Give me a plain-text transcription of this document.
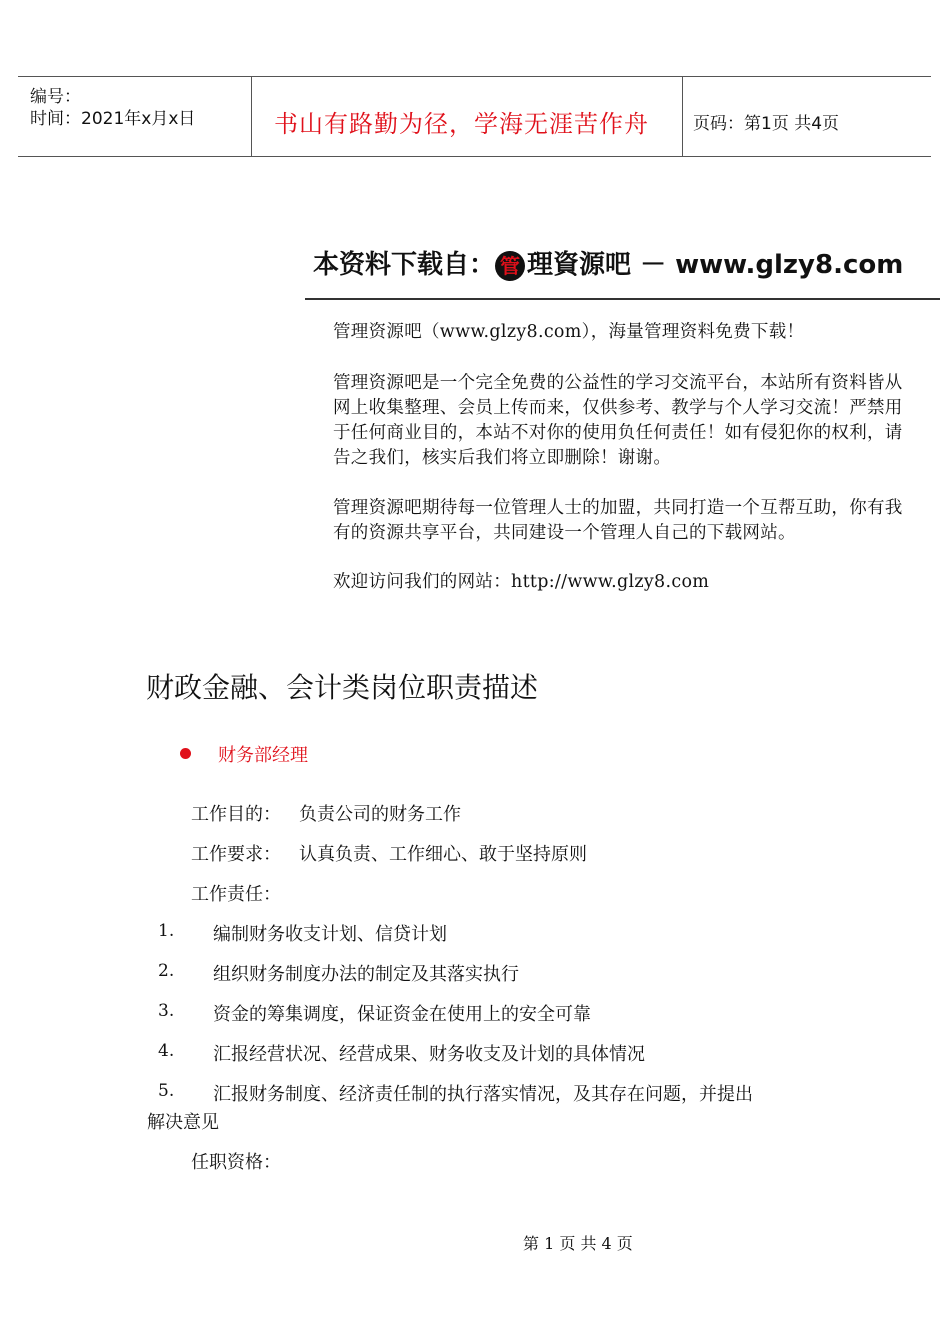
编号：
时间：2021年x月x日	书山有路勤为径，学海无涯苦作舟	页码：第1页 共4页
本资料下载自： 管 理資源吧 － www.glzy8.com

管理资源吧（www.glzy8.com），海量管理资料免费下载！

管理资源吧是一个完全免费的公益性的学习交流平台，本站所有资料皆从网上收集整理、会员上传而来，仅供参考、教学与个人学习交流！严禁用于任何商业目的，本站不对你的使用负任何责任！如有侵犯你的权利，请告之我们，核实后我们将立即删除！谢谢。

管理资源吧期待每一位管理人士的加盟，共同打造一个互帮互助，你有我有的资源共享平台，共同建设一个管理人自己的下载网站。

欢迎访问我们的网站：http://www.glzy8.com

财政金融、会计类岗位职责描述
财务部经理
工作目的： 负责公司的财务工作
工作要求： 认真负责、工作细心、敢于坚持原则
工作责任：
1. 编制财务收支计划、信贷计划
2. 组织财务制度办法的制定及其落实执行
3. 资金的筹集调度，保证资金在使用上的安全可靠
4. 汇报经营状况、经营成果、财务收支及计划的具体情况
5. 汇报财务制度、经济责任制的执行落实情况，及其存在问题，并提出
解决意见
任职资格：
第 1 页 共 4 页
